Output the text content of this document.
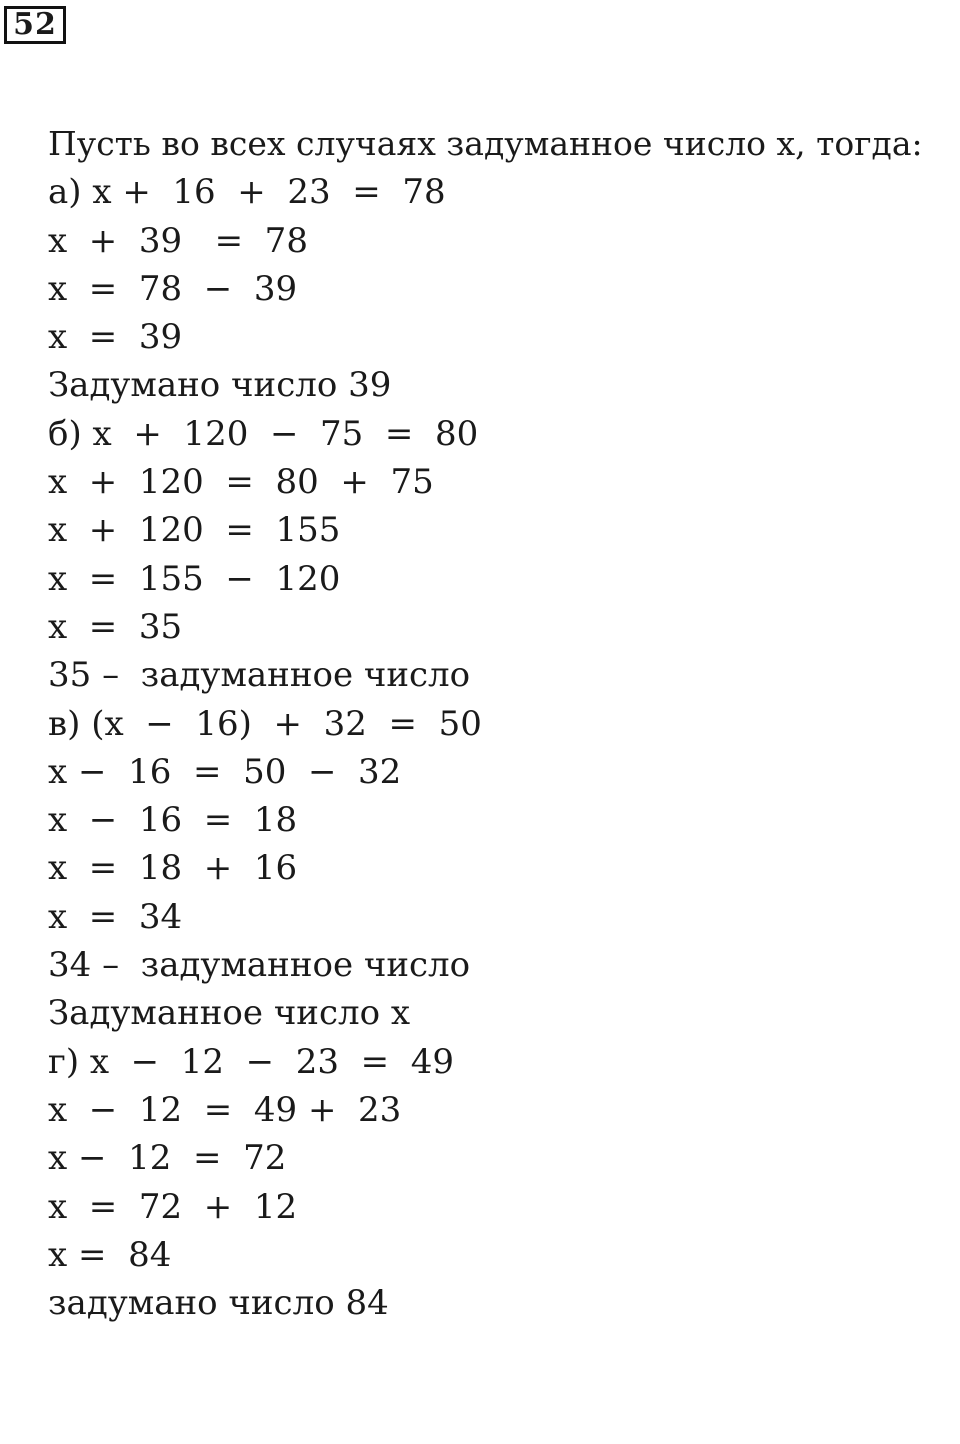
52
Пусть во всех случаях задуманное число x, тогда:
а) x +  16  +  23  =  78
x  +  39   =  78
x  =  78  −  39
x  =  39
Задумано число 39
б) x  +  120  −  75  =  80
x  +  120  =  80  +  75
x  +  120  =  155
x  =  155  −  120
x  =  35
35 –  задуманное число
в) (x  −  16)  +  32  =  50
x −  16  =  50  −  32
x  −  16  =  18
x  =  18  +  16
x  =  34
34 –  задуманное число
Задуманное число x
г) x  −  12  −  23  =  49
x  −  12  =  49 +  23
x −  12  =  72
x  =  72  +  12
x =  84
задумано число 84
